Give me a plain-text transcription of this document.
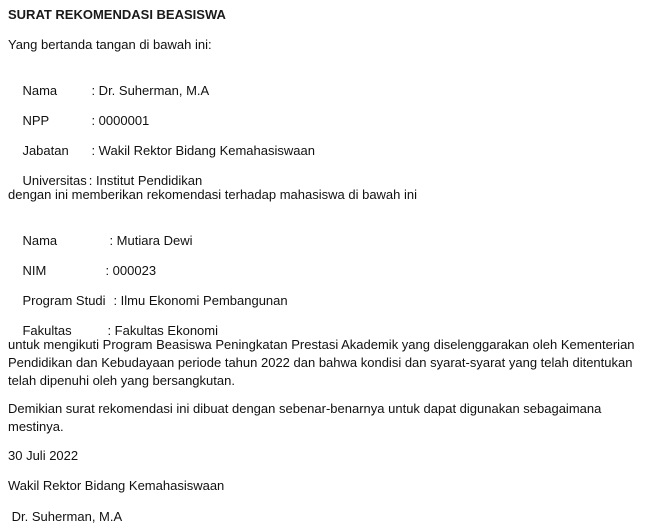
SURAT REKOMENDASI BEASISWA
Yang bertanda tangan di bawah ini:

Nama	: Dr. Suherman, M.A

NPP	: 0000001

Jabatan : Wakil Rektor Bidang Kemahasiswaan

Universitas : Institut Pendidikan

dengan ini memberikan rekomendasi terhadap mahasiswa di bawah ini

Nama	: Mutiara Dewi

NIM	: 000023

Program Studi : Ilmu Ekonomi Pembangunan

Fakultas	: Fakultas Ekonomi

untuk mengikuti Program Beasiswa Peningkatan Prestasi Akademik yang diselenggarakan oleh Kementerian Pendidikan dan Kebudayaan periode tahun 2022 dan bahwa kondisi dan syarat-syarat yang telah ditentukan telah dipenuhi oleh yang bersangkutan.
Demikian surat rekomendasi ini dibuat dengan sebenar-benarnya untuk dapat digunakan sebagaimana mestinya.
30 Juli 2022
Wakil Rektor Bidang Kemahasiswaan
Dr. Suherman, M.A
